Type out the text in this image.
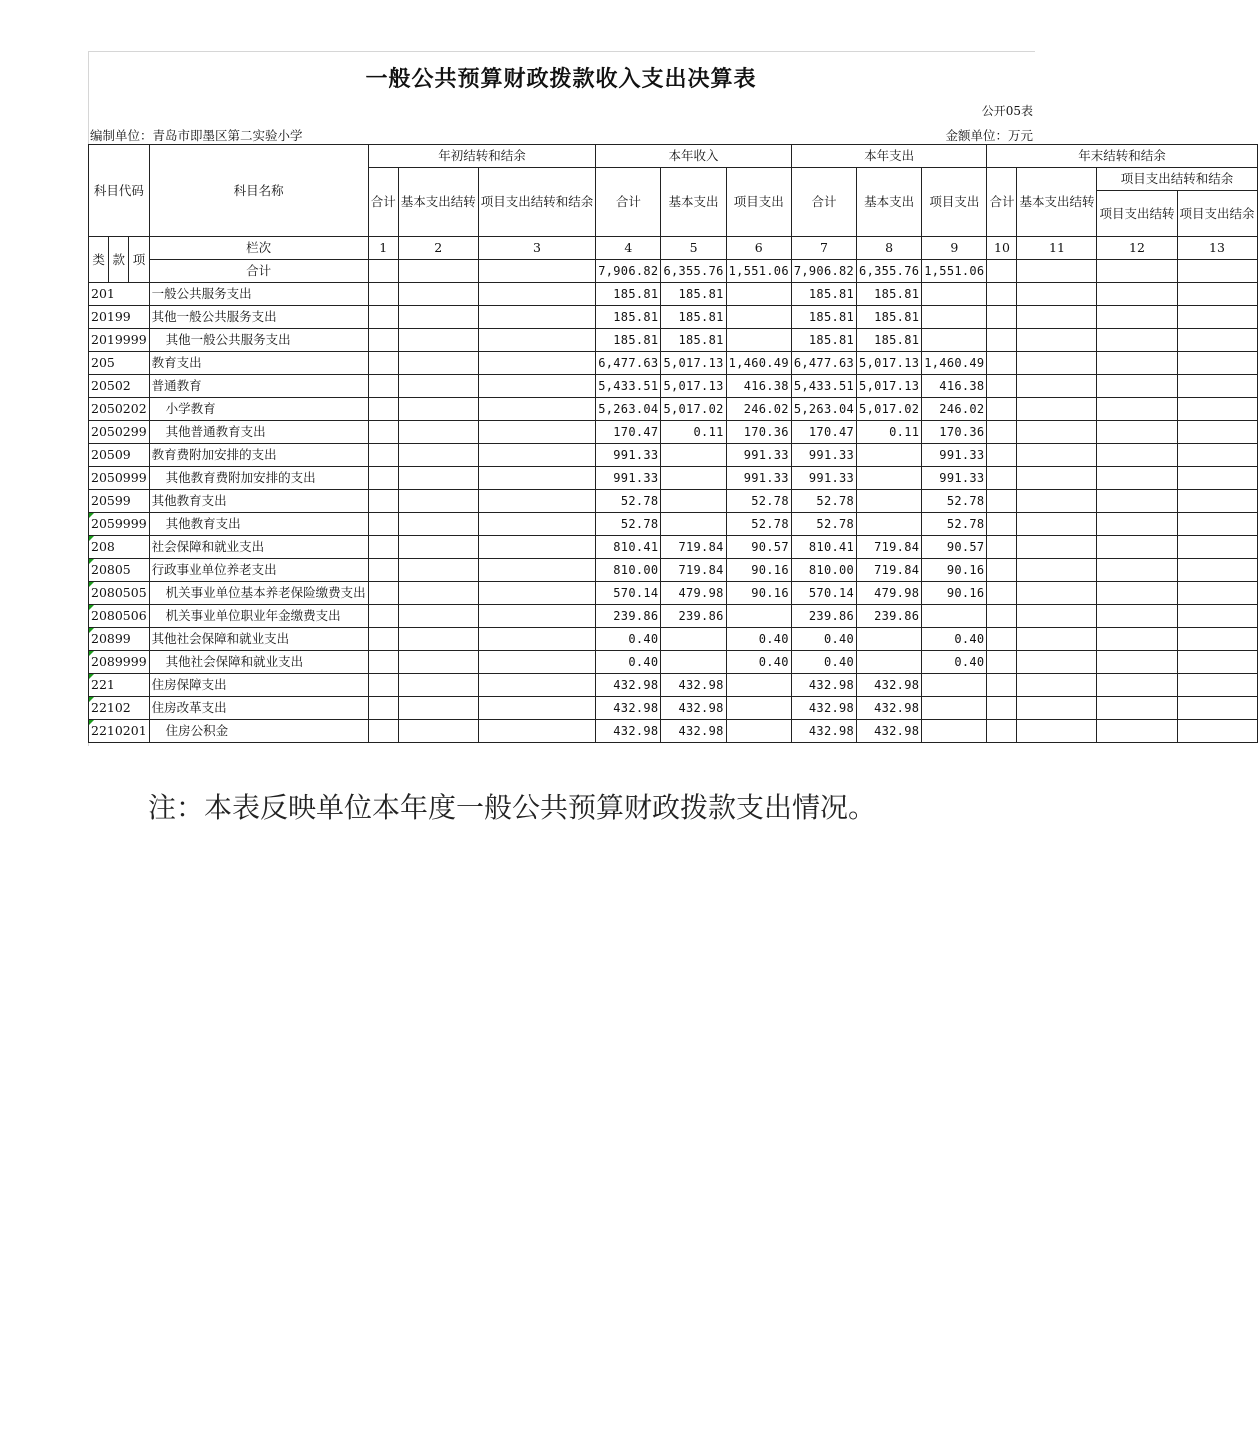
一般公共预算财政拨款收入支出决算表
公开05表
编制单位：青岛市即墨区第二实验小学	金额单位：万元
科目代码			科目名称	年初结转和结余			本年收入			本年支出			年末结转和结余			
				合计	基本支出结转	项目支出结转和结余	合计	基本支出	项目支出	合计	基本支出	项目支出	合计	基本支出结转	项目支出结转和结余	
															项目支出结转	项目支出结余
类	款	项	栏次	1	2	3	4	5	6	7	8	9	10	11	12	13
			合计				7,906.82	6,355.76	1,551.06	7,906.82	6,355.76	1,551.06				
201			一般公共服务支出				185.81	185.81		185.81	185.81					
20199			其他一般公共服务支出				185.81	185.81		185.81	185.81					
2019999			其他一般公共服务支出				185.81	185.81		185.81	185.81					
205			教育支出				6,477.63	5,017.13	1,460.49	6,477.63	5,017.13	1,460.49				
20502			普通教育				5,433.51	5,017.13	416.38	5,433.51	5,017.13	416.38				
2050202			小学教育				5,263.04	5,017.02	246.02	5,263.04	5,017.02	246.02				
2050299			其他普通教育支出				170.47	0.11	170.36	170.47	0.11	170.36				
20509			教育费附加安排的支出				991.33		991.33	991.33		991.33				
2050999			其他教育费附加安排的支出				991.33		991.33	991.33		991.33				
20599			其他教育支出				52.78		52.78	52.78		52.78				

2059999			其他教育支出				52.78		52.78	52.78		52.78				

208			社会保障和就业支出				810.41	719.84	90.57	810.41	719.84	90.57				

20805			行政事业单位养老支出				810.00	719.84	90.16	810.00	719.84	90.16				

2080505			机关事业单位基本养老保险缴费支出				570.14	479.98	90.16	570.14	479.98	90.16				

2080506			机关事业单位职业年金缴费支出				239.86	239.86		239.86	239.86					

20899			其他社会保障和就业支出				0.40		0.40	0.40		0.40				

2089999			其他社会保障和就业支出				0.40		0.40	0.40		0.40				

221			住房保障支出				432.98	432.98		432.98	432.98					

22102			住房改革支出				432.98	432.98		432.98	432.98					

2210201			住房公积金				432.98	432.98		432.98	432.98					
注：本表反映单位本年度一般公共预算财政拨款支出情况。
